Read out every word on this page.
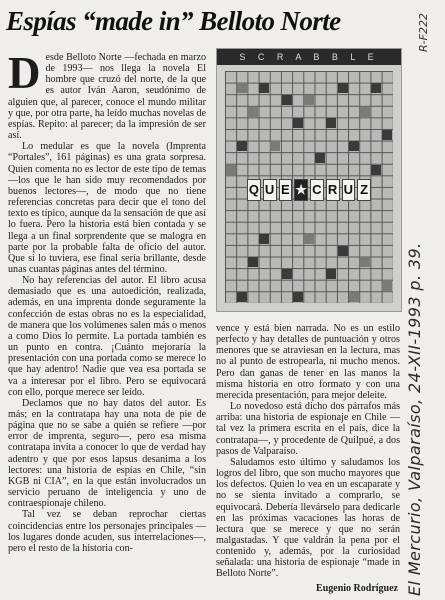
Espías “made in” Belloto Norte

Desde Belloto Norte —fechada en marzo de 1993— nos llega la novela El hombre que cruzó del norte, de la que es autor Iván Aaron, seudónimo de alguien que, al parecer, conoce el mundo militar y que, por otra parte, ha leído muchas novelas de espías. Repito: al parecer; da la impresión de ser así.

Lo medular es que la novela (Imprenta “Portales”, 161 páginas) es una grata sorpresa. Quien comenta no es lector de este tipo de temas —los que le han sido muy recomendados por buenos lectores—, de modo que no tiene referencias concretas para decir que el tono del texto es típico, aunque da la sensación de que así lo fuera. Pero la historia está bien contada y se llega a un final sorprendente que se malogra en parte por la probable falta de oficio del autor. Que si lo tuviera, ese final sería brillante, desde unas cuantas páginas antes del término.

No hay referencias del autor. El libro acusa demasiado que es una autoedición, realizada, además, en una imprenta donde seguramente la confección de estas obras no es la especialidad, de manera que los volúmenes salen más o menos a como Dios lo permite. La portada también es un punto en contra. ¡Cuánto mejoraría la presentación con una portada como se merece lo que hay adentro! Nadie que vea esa portada se va a interesar por el libro. Pero se equivocará con ello, porque merece ser leído.

Declamos que no hay datos del autor. Es más; en la contratapa hay una nota de pie de página que no se sabe a quién se refiere —por error de imprenta, seguro—, pero esa misma contratapa invita a conocer lo que de verdad hay adentro y que por esos lapsus desanima a los lectores: una historia de espías en Chile, “sin KGB ni CIA”, en la que están involucrados un servicio peruano de inteligencia y uno de contraespionaje chileno.

Tal vez se deban reprochar ciertas coincidencias entre los personajes principales —los lugares donde acuden, sus interrelaciones—, pero el resto de la historia con-

S C R A B B L E
Q U E ★ C R U Z

vence y está bien narrada. No es un estilo perfecto y hay detalles de puntuación y otros menores que se atraviesan en la lectura, mas no al punto de estropearla, ni mucho menos. Pero dan ganas de tener en las manos la misma historia en otro formato y con una merecida presentación, para mejor deleite.

Lo novedoso está dicho dos párrafos más arriba: una historia de espionaje en Chile —tal vez la primera escrita en el país, dice la contratapa—, y procedente de Quilpué, a dos pasos de Valparaíso.

Saludamos esto último y saludamos los logros del libro, que son mucho mayores que los defectos. Quien lo vea en un escaparate y no se sienta invitado a comprarlo, se equivocará. Debería llevárselo para dedicarle en las próximas vacaciones las horas de lectura que se merece y que no serán malgastadas. Y que valdrán la pena por el contenido y, además, por la curiosidad señalada: una historia de espionaje “made in Belloto Norte”.

Eugenio Rodríguez El Mercurio, Valparaíso, 24-XII-1993 p. 39.
R-F222
